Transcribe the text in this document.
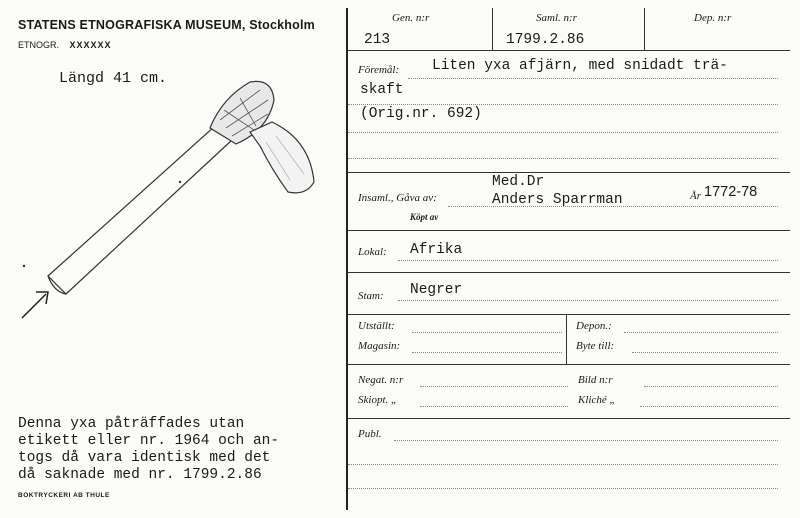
STATENS ETNOGRAFISKA MUSEUM, Stockholm
ETNOGR. XXXXXX
Längd 41 cm.
Denna yxa påträffades utan
etikett eller nr. 1964 och an-
togs då vara identisk med det
då saknade med nr. 1799.2.86
BOKTRYCKERI AB THULE
Gen. n:r	Saml. n:r	Dep. n:r
213	1799.2.86
Föremål: Liten yxa afjärn, med snidadt trä-
skaft
(Orig.nr. 692)
Insaml., Gåva av:
Med.Dr
Anders Sparrman
Köpt av
År 1772-78
Lokal: Afrika
Stam: Negrer
Utställt:	Depon.:
Magasin:	Byte till:
Negat. n:r	Bild n:r
Skiopt. „	Kliché „
Publ.
